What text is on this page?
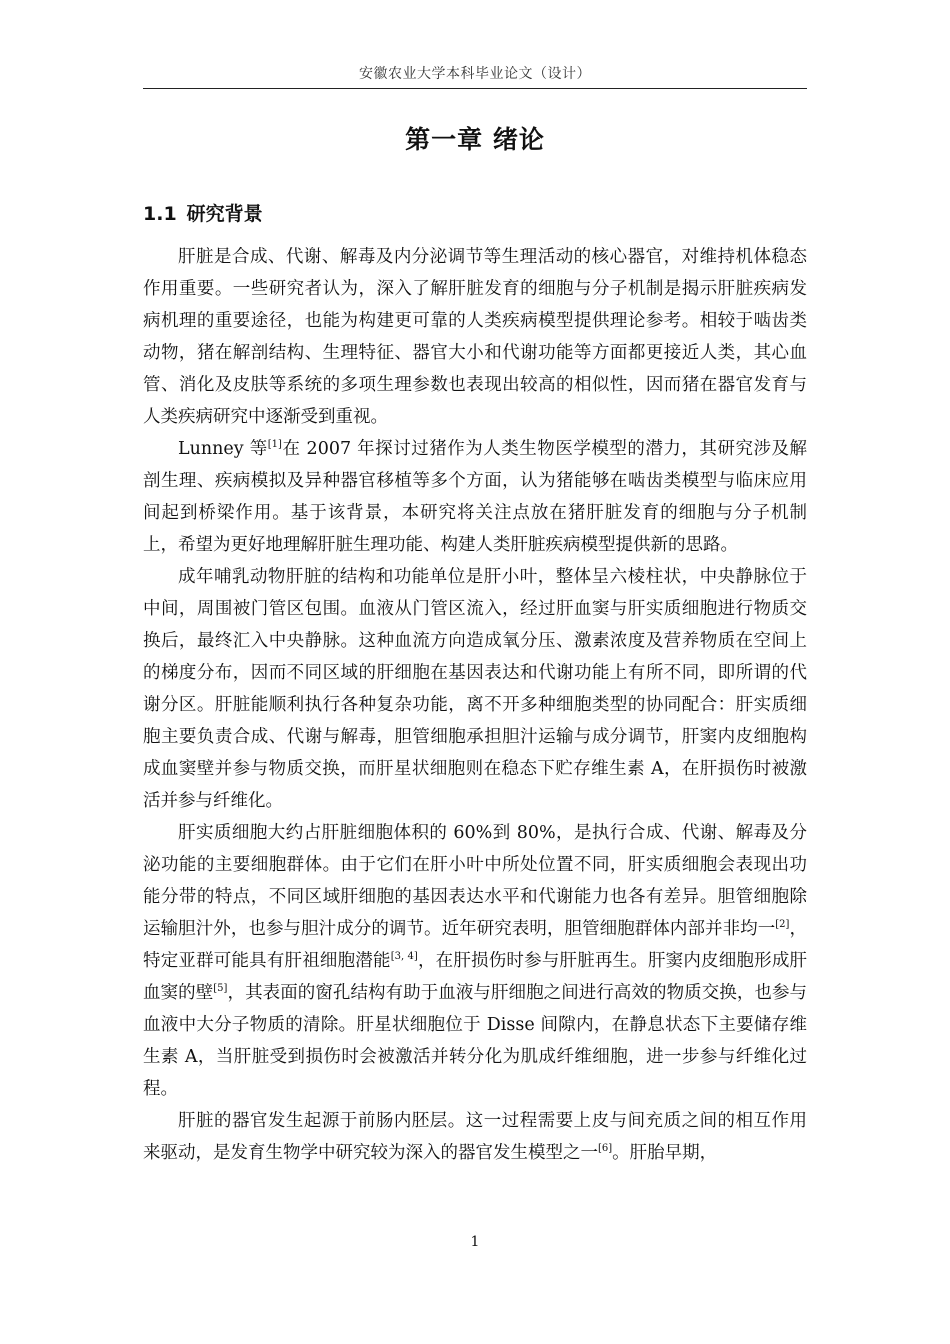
安徽农业大学本科毕业论文（设计）
第一章 绪论
1.1 研究背景

肝脏是合成、代谢、解毒及内分泌调节等生理活动的核心器官，对维持机体稳态作用重要。一些研究者认为，深入了解肝脏发育的细胞与分子机制是揭示肝脏疾病发病机理的重要途径，也能为构建更可靠的人类疾病模型提供理论参考。相较于啮齿类动物，猪在解剖结构、生理特征、器官大小和代谢功能等方面都更接近人类，其心血管、消化及皮肤等系统的多项生理参数也表现出较高的相似性，因而猪在器官发育与人类疾病研究中逐渐受到重视。

Lunney 等[1]在 2007 年探讨过猪作为人类生物医学模型的潜力，其研究涉及解剖生理、疾病模拟及异种器官移植等多个方面，认为猪能够在啮齿类模型与临床应用间起到桥梁作用。基于该背景，本研究将关注点放在猪肝脏发育的细胞与分子机制上，希望为更好地理解肝脏生理功能、构建人类肝脏疾病模型提供新的思路。

成年哺乳动物肝脏的结构和功能单位是肝小叶，整体呈六棱柱状，中央静脉位于中间，周围被门管区包围。血液从门管区流入，经过肝血窦与肝实质细胞进行物质交换后，最终汇入中央静脉。这种血流方向造成氧分压、激素浓度及营养物质在空间上的梯度分布，因而不同区域的肝细胞在基因表达和代谢功能上有所不同，即所谓的代谢分区。肝脏能顺利执行各种复杂功能，离不开多种细胞类型的协同配合：肝实质细胞主要负责合成、代谢与解毒，胆管细胞承担胆汁运输与成分调节，肝窦内皮细胞构成血窦壁并参与物质交换，而肝星状细胞则在稳态下贮存维生素 A，在肝损伤时被激活并参与纤维化。

肝实质细胞大约占肝脏细胞体积的 60%到 80%，是执行合成、代谢、解毒及分泌功能的主要细胞群体。由于它们在肝小叶中所处位置不同，肝实质细胞会表现出功能分带的特点，不同区域肝细胞的基因表达水平和代谢能力也各有差异。胆管细胞除运输胆汁外，也参与胆汁成分的调节。近年研究表明，胆管细胞群体内部并非均一[2]，特定亚群可能具有肝祖细胞潜能[3, 4]，在肝损伤时参与肝脏再生。肝窦内皮细胞形成肝血窦的壁[5]，其表面的窗孔结构有助于血液与肝细胞之间进行高效的物质交换，也参与血液中大分子物质的清除。肝星状细胞位于 Disse 间隙内，在静息状态下主要储存维生素 A，当肝脏受到损伤时会被激活并转分化为肌成纤维细胞，进一步参与纤维化过程。

肝脏的器官发生起源于前肠内胚层。这一过程需要上皮与间充质之间的相互作用来驱动，是发育生物学中研究较为深入的器官发生模型之一[6]。肝胎早期，

1
